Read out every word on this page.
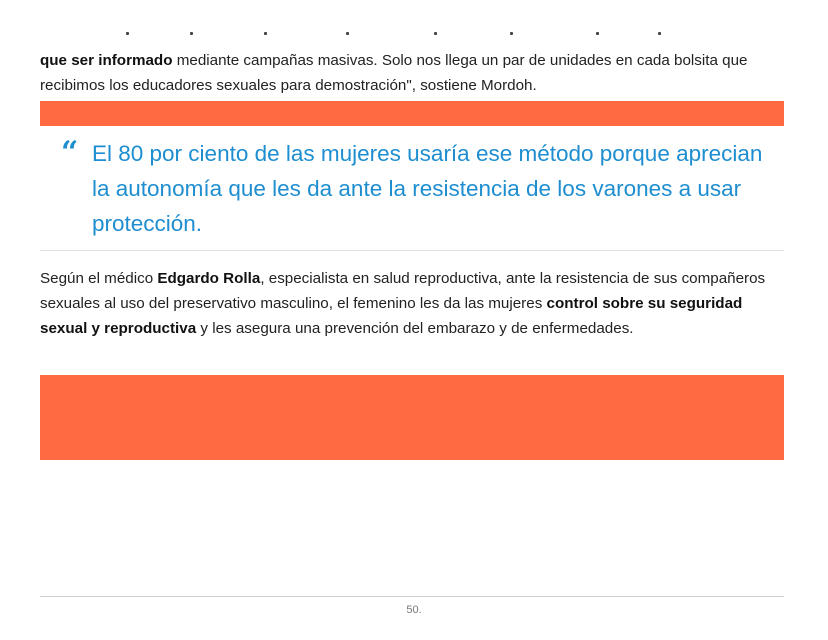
que ser informado mediante campañas masivas. Solo nos llega un par de unidades en cada bolsita que recibimos los educadores sexuales para demostración", sostiene Mordoh.

“ El 80 por ciento de las mujeres usaría ese método porque aprecian la autonomía que les da ante la resistencia de los varones a usar protección.

Según el médico Edgardo Rolla, especialista en salud reproductiva, ante la resistencia de sus compañeros sexuales al uso del preservativo masculino, el femenino les da las mujeres control sobre su seguridad sexual y reproductiva y les asegura una prevención del embarazo y de enfermedades.

50.
